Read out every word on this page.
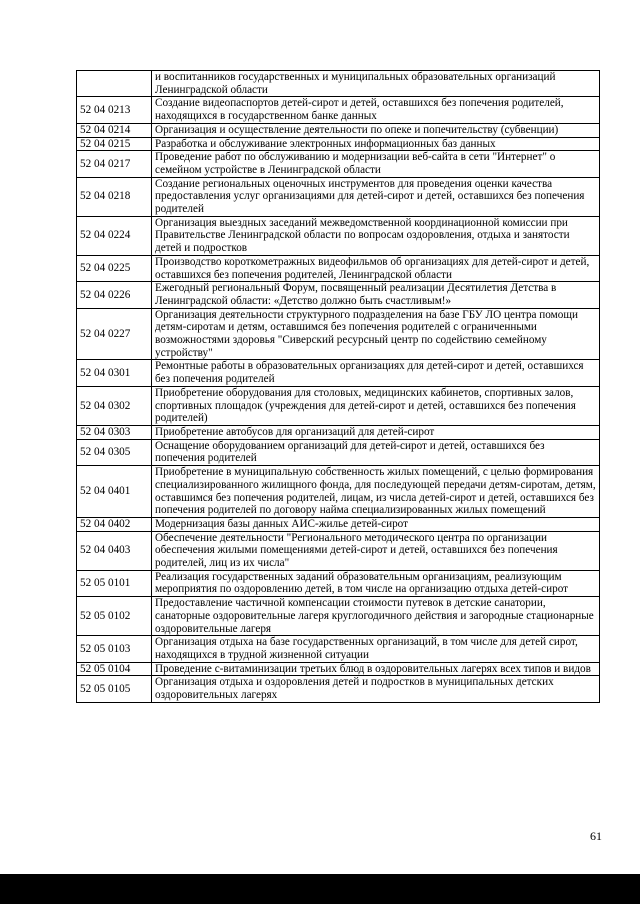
	и воспитанников государственных и муниципальных образовательных организаций Ленинградской области
52 04 0213	Создание видеопаспортов детей-сирот и детей, оставшихся без попечения родителей, находящихся в государственном банке данных
52 04 0214	Организация и осуществление деятельности по опеке и попечительству (субвенции)
52 04 0215	Разработка и обслуживание электронных информационных баз данных
52 04 0217	Проведение работ по обслуживанию и модернизации веб-сайта в сети "Интернет" о семейном устройстве в Ленинградской области
52 04 0218	Создание региональных оценочных инструментов для проведения оценки качества предоставления услуг организациями для детей-сирот и детей, оставшихся без попечения родителей
52 04 0224	Организация выездных заседаний межведомственной координационной комиссии при Правительстве Ленинградской области по вопросам оздоровления, отдыха и занятости детей и подростков
52 04 0225	Производство короткометражных видеофильмов об организациях для детей-сирот и детей, оставшихся без попечения родителей, Ленинградской области
52 04 0226	Ежегодный региональный Форум, посвященный реализации Десятилетия Детства в Ленинградской области: «Детство должно быть счастливым!»
52 04 0227	Организация деятельности структурного подразделения на базе ГБУ ЛО центра помощи детям-сиротам и детям, оставшимся без попечения родителей с ограниченными возможностями здоровья "Сиверский ресурсный центр по содействию семейному устройству"
52 04 0301	Ремонтные работы в образовательных организациях для детей-сирот и детей, оставшихся без попечения родителей
52 04 0302	Приобретение оборудования для столовых, медицинских кабинетов, спортивных залов, спортивных площадок (учреждения для детей-сирот и детей, оставшихся без попечения родителей)
52 04 0303	Приобретение автобусов для организаций для детей-сирот
52 04 0305	Оснащение оборудованием организаций для детей-сирот и детей, оставшихся без попечения родителей
52 04 0401	Приобретение в муниципальную собственность жилых помещений, с целью формирования специализированного жилищного фонда, для последующей передачи детям-сиротам, детям, оставшимся без попечения родителей, лицам, из числа детей-сирот и детей, оставшихся без попечения родителей по договору найма специализированных жилых помещений
52 04 0402	Модернизация базы данных АИС-жилье детей-сирот
52 04 0403	Обеспечение деятельности "Регионального методического центра по организации обеспечения жилыми помещениями детей-сирот и детей, оставшихся без попечения родителей, лиц из их числа"
52 05 0101	Реализация государственных заданий образовательным организациям, реализующим мероприятия по оздоровлению детей, в том числе на организацию отдыха детей-сирот
52 05 0102	Предоставление частичной компенсации стоимости путевок в детские санатории, санаторные оздоровительные лагеря круглогодичного действия и загородные стационарные оздоровительные лагеря
52 05 0103	Организация отдыха на базе государственных организаций, в том числе для детей сирот, находящихся в трудной жизненной ситуации
52 05 0104	Проведение с-витаминизации третьих блюд в оздоровительных лагерях всех типов и видов
52 05 0105	Организация отдыха и оздоровления детей и подростков в муниципальных детских оздоровительных лагерях
61
